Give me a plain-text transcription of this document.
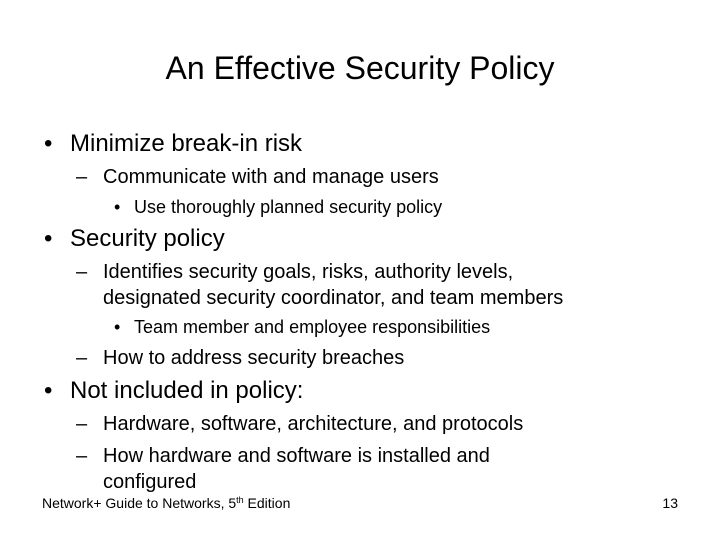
An Effective Security Policy
• Minimize break-in risk
– Communicate with and manage users
• Use thoroughly planned security policy
• Security policy
– Identifies security goals, risks, authority levels,
designated security coordinator, and team members
• Team member and employee responsibilities
– How to address security breaches
• Not included in policy:
– Hardware, software, architecture, and protocols
– How hardware and software is installed and
configured
Network+ Guide to Networks, 5th Edition	13
